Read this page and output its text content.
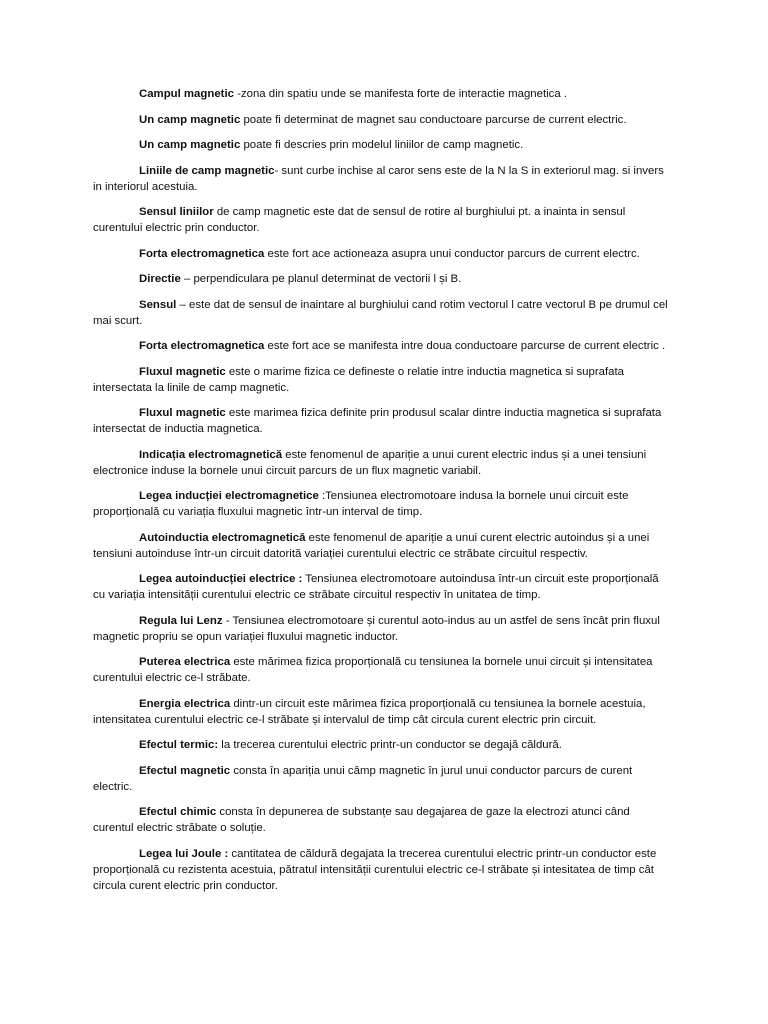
Campul magnetic -zona din spatiu unde se manifesta forte de interactie magnetica .

Un camp magnetic poate fi determinat de magnet sau conductoare parcurse de current electric.

Un camp magnetic poate fi descries prin modelul liniilor de camp magnetic.

Liniile de camp magnetic- sunt curbe inchise al caror sens este de la N la S in exteriorul mag. si invers in interiorul acestuia.

Sensul liniilor de camp magnetic este dat de sensul de rotire al burghiului pt. a inainta in sensul curentului electric prin conductor.

Forta electromagnetica este fort ace actioneaza asupra unui conductor parcurs de current electrc.

Directie – perpendiculara pe planul determinat de vectorii l și B.

Sensul – este dat de sensul de inaintare al burghiului cand rotim vectorul l catre vectorul B pe drumul cel mai scurt.

Forta electromagnetica este fort ace se manifesta intre doua conductoare parcurse de current electric .

Fluxul magnetic este o marime fizica ce defineste o relatie intre inductia magnetica si suprafata intersectata la linile de camp magnetic.

Fluxul magnetic este marimea fizica definite prin produsul scalar dintre inductia magnetica si suprafata intersectat de inductia magnetica.

Indicația electromagnetică este fenomenul de apariție a unui curent electric indus și a unei tensiuni electronice induse la bornele unui circuit parcurs de un flux magnetic variabil.

Legea inducției electromagnetice :Tensiunea electromotoare indusa la bornele unui circuit este proporțională cu variația fluxului magnetic într-un interval de timp.

Autoinductia electromagnetică este fenomenul de apariție a unui curent electric autoindus și a unei tensiuni autoinduse într-un circuit datorită variației curentului electric ce străbate circuitul respectiv.

Legea autoinducției electrice : Tensiunea electromotoare autoindusa într-un circuit este proporțională cu variația intensității curentului electric ce străbate circuitul respectiv în unitatea de timp.

Regula lui Lenz - Tensiunea electromotoare și curentul aoto-indus au un astfel de sens încât prin fluxul magnetic propriu se opun variației fluxului magnetic inductor.

Puterea electrica este mărimea fizica proporțională cu tensiunea la bornele unui circuit și intensitatea curentului electric ce-l străbate.

Energia electrica dintr-un circuit este mărimea fizica proporțională cu tensiunea la bornele acestuia, intensitatea curentului electric ce-l străbate și intervalul de timp cât circula curent electric prin circuit.

Efectul termic: la trecerea curentului electric printr-un conductor se degajă căldură.

Efectul magnetic consta în apariția unui câmp magnetic în jurul unui conductor parcurs de curent electric.

Efectul chimic consta în depunerea de substanțe sau degajarea de gaze la electrozi atunci când curentul electric străbate o soluție.

Legea lui Joule : cantitatea de căldură degajata la trecerea curentului electric printr-un conductor este proporțională cu rezistenta acestuia, pătratul intensității curentului electric ce-l străbate și intesitatea de timp cât circula curent electric prin conductor.
